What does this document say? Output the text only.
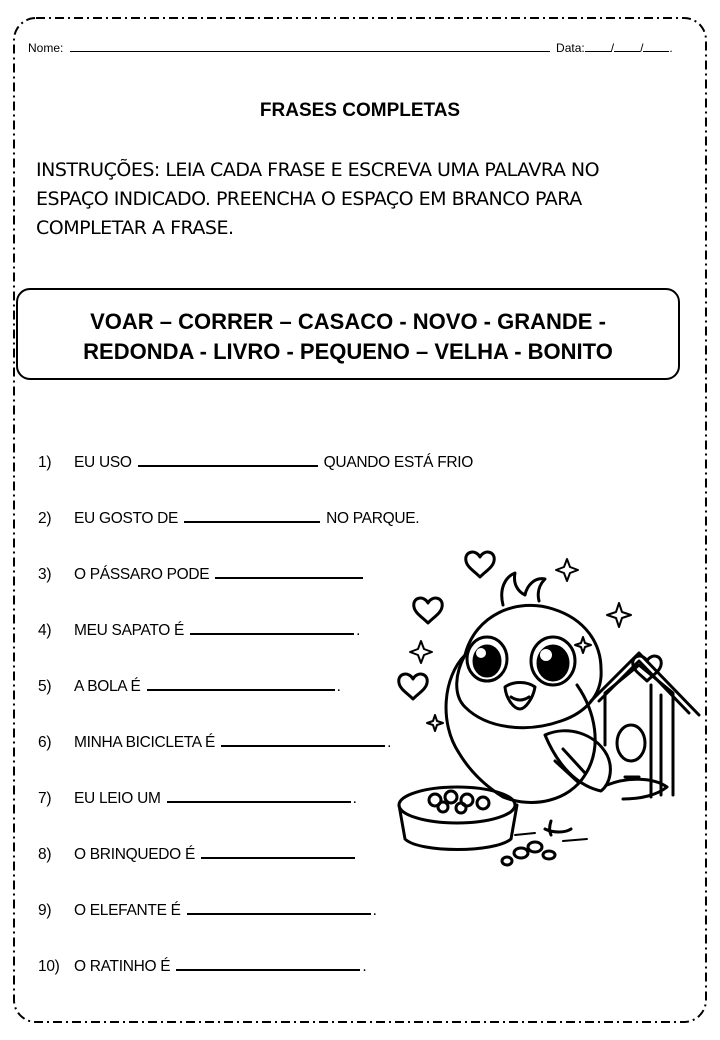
Nome:	Data: / / .
FRASES COMPLETAS
INSTRUÇÕES: LEIA CADA FRASE E ESCREVA UMA PALAVRA NO
ESPAÇO INDICADO. PREENCHA O ESPAÇO EM BRANCO PARA
COMPLETAR A FRASE.
VOAR – CORRER – CASACO - NOVO - GRANDE -
REDONDA - LIVRO - PEQUENO – VELHA - BONITO
1) EU USO	QUANDO ESTÁ FRIO
2) EU GOSTO DE	NO PARQUE.
3) O PÁSSARO PODE
4) MEU SAPATO É	.
5) A BOLA É	.
6) MINHA BICICLETA É	.
7) EU LEIO UM	.
8) O BRINQUEDO É
9) O ELEFANTE É	.
10) O RATINHO É	.
